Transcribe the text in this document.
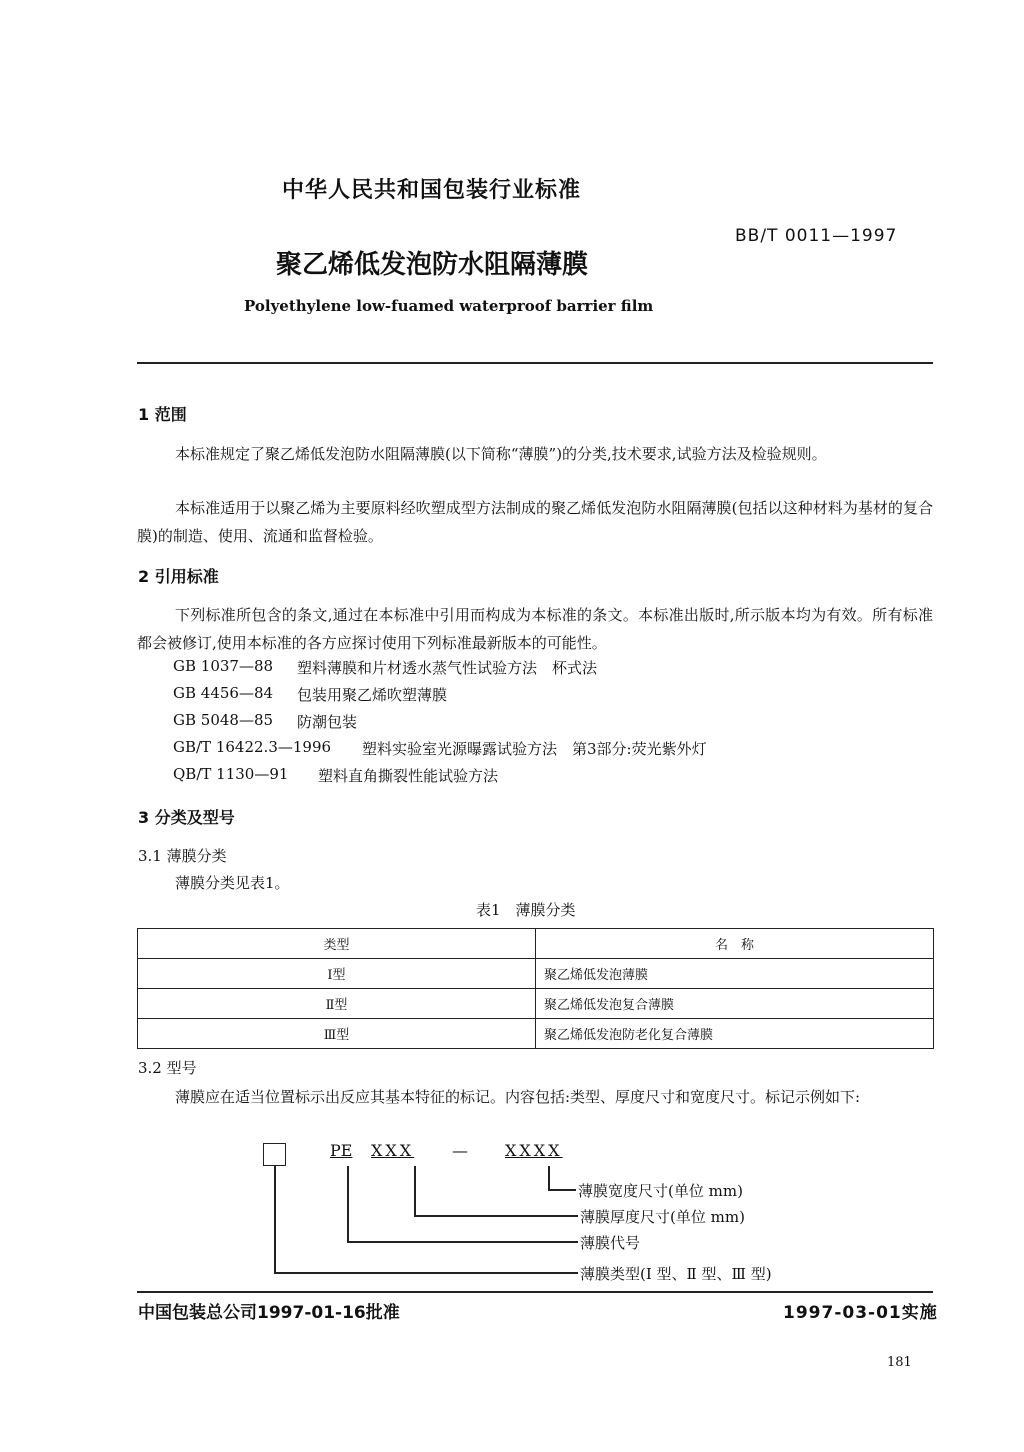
中华人民共和国包装行业标准
BB/T 0011—1997
聚乙烯低发泡防水阻隔薄膜
Polyethylene low-fuamed waterproof barrier film
1 范围
本标准规定了聚乙烯低发泡防水阻隔薄膜(以下简称“薄膜”)的分类,技术要求,试验方法及检验规则。
本标准适用于以聚乙烯为主要原料经吹塑成型方法制成的聚乙烯低发泡防水阻隔薄膜(包括以这种材料为基材的复合膜)的制造、使用、流通和监督检验。
2 引用标准
下列标准所包含的条文,通过在本标准中引用而构成为本标准的条文。本标准出版时,所示版本均为有效。所有标准都会被修订,使用本标准的各方应探讨使用下列标准最新版本的可能性。
GB 1037—88 塑料薄膜和片材透水蒸气性试验方法　杯式法
GB 4456—84 包装用聚乙烯吹塑薄膜
GB 5048—85 防潮包装
GB/T 16422.3—1996 塑料实验室光源曝露试验方法　第3部分:荧光紫外灯
QB/T 1130—91 塑料直角撕裂性能试验方法
3 分类及型号
3.1 薄膜分类
薄膜分类见表1。
表1　薄膜分类
类型	名　称
Ⅰ型	聚乙烯低发泡薄膜
Ⅱ型	聚乙烯低发泡复合薄膜
Ⅲ型	聚乙烯低发泡防老化复合薄膜
3.2 型号
薄膜应在适当位置标示出反应其基本特征的标记。内容包括:类型、厚度尺寸和宽度尺寸。标记示例如下:
PE XXX — XXXX
薄膜宽度尺寸(单位 mm)
薄膜厚度尺寸(单位 mm)
薄膜代号
薄膜类型(Ⅰ 型、Ⅱ 型、Ⅲ 型)
中国包装总公司1997-01-16批准	1997-03-01实施
181
